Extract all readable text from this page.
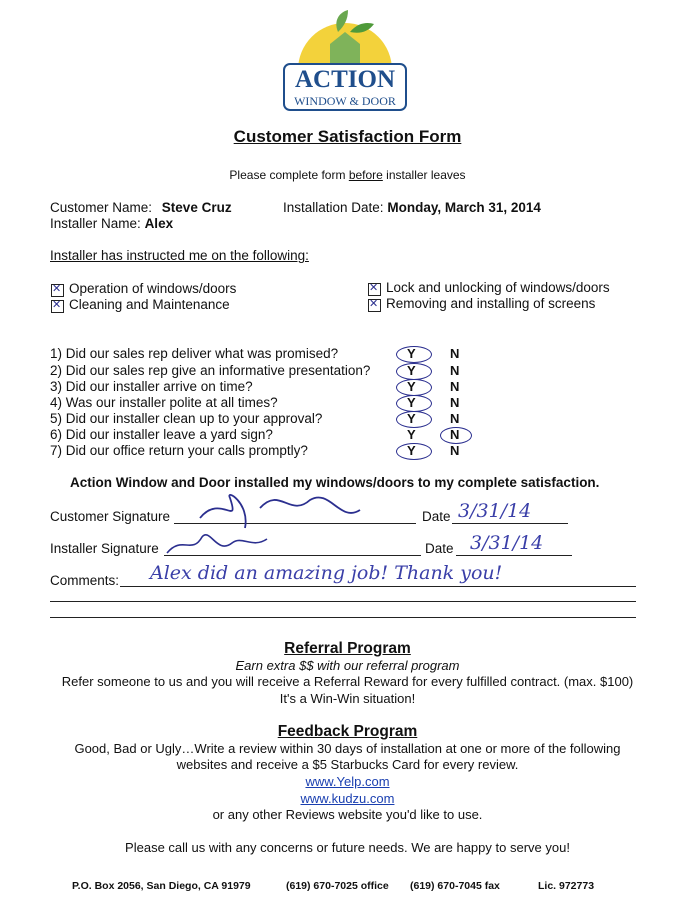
ACTION
WINDOW & DOOR
Customer Satisfaction Form
Please complete form before installer leaves
Customer Name: Steve Cruz	Installation Date: Monday, March 31, 2014
Installer Name: Alex
Installer has instructed me on the following:
✕
Operation of windows/doors
✕
Cleaning and Maintenance
✕
Lock and unlocking of windows/doors
✕
Removing and installing of screens
1) Did our sales rep deliver what was promised?	Y	N
2) Did our sales rep give an informative presentation?	Y	N
3) Did our installer arrive on time?	Y	N
4) Was our installer polite at all times?	Y	N
5) Did our installer clean up to your approval?	Y	N
6) Did our installer leave a yard sign?	Y	N
7) Did our office return your calls promptly?	Y	N
Action Window and Door installed my windows/doors to my complete satisfaction.
Customer Signature	Date 3/31/14
Installer Signature	Date 3/31/14
Comments: Alex did an amazing job! Thank you!
Referral Program
Earn extra $$ with our referral program
Refer someone to us and you will receive a Referral Reward for every fulfilled contract. (max. $100)
It's a Win-Win situation!
Feedback Program
Good, Bad or Ugly…Write a review within 30 days of installation at one or more of the following
websites and receive a $5 Starbucks Card for every review.
www.Yelp.com
www.kudzu.com
or any other Reviews website you'd like to use.
Please call us with any concerns or future needs. We are happy to serve you!
P.O. Box 2056, San Diego, CA 91979	(619) 670-7025 office (619) 670-7045 fax	Lic. 972773
